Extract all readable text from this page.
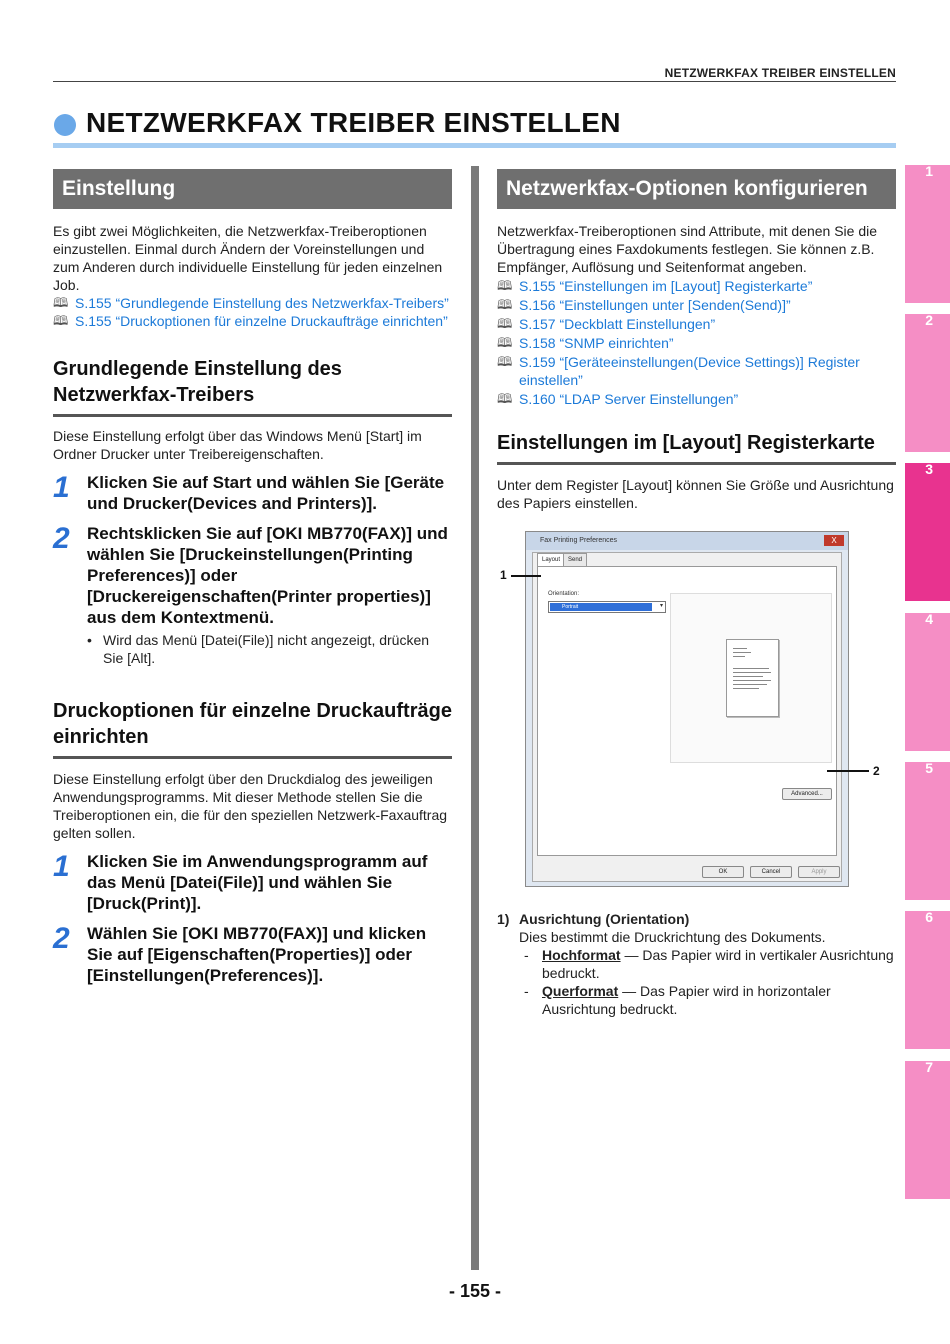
NETZWERKFAX TREIBER EINSTELLEN
NETZWERKFAX TREIBER EINSTELLEN
Einstellung

Es gibt zwei Möglichkeiten, die Netzwerkfax-Treiberoptionen einzustellen. Einmal durch Ändern der Voreinstellungen und zum Anderen durch individuelle Einstellung für jeden einzelnen Job.

🕮 S.155 “Grundlegende Einstellung des Netzwerkfax-Treibers”
🕮 S.155 “Druckoptionen für einzelne Druckaufträge einrichten”
Grundlegende Einstellung des Netzwerkfax-Treibers

Diese Einstellung erfolgt über das Windows Menü [Start] im Ordner Drucker unter Treibereigenschaften.

1	Klicken Sie auf Start und wählen Sie [Geräte und Drucker(Devices and Printers)].
2	Rechtsklicken Sie auf [OKI MB770(FAX)] und wählen Sie [Druckeinstellungen(Printing Preferences)] oder [Druckereigenschaften(Printer properties)] aus dem Kontextmenü.
• Wird das Menü [Datei(File)] nicht angezeigt, drücken Sie [Alt].
Druckoptionen für einzelne Druckaufträge einrichten

Diese Einstellung erfolgt über den Druckdialog des jeweiligen Anwendungsprogramms. Mit dieser Methode stellen Sie die Treiberoptionen ein, die für den speziellen Netzwerk-Faxauftrag gelten sollen.

1	Klicken Sie im Anwendungsprogramm auf das Menü [Datei(File)] und wählen Sie [Druck(Print)].
2	Wählen Sie [OKI MB770(FAX)] und klicken Sie auf [Eigenschaften(Properties)] oder [Einstellungen(Preferences)].
Netzwerkfax-Optionen konfigurieren

Netzwerkfax-Treiberoptionen sind Attribute, mit denen Sie die Übertragung eines Faxdokuments festlegen. Sie können z.B. Empfänger, Auflösung und Seitenformat angeben.

🕮 S.155 “Einstellungen im [Layout] Registerkarte”
🕮 S.156 “Einstellungen unter [Senden(Send)]”
🕮 S.157 “Deckblatt Einstellungen”
🕮 S.158 “SNMP einrichten”
🕮 S.159 “[Geräteeinstellungen(Device Settings)] Register einstellen”
🕮 S.160 “LDAP Server Einstellungen”
Einstellungen im [Layout] Registerkarte

Unter dem Register [Layout] können Sie Größe und Ausrichtung des Papiers einstellen.

Fax Printing Preferences	X
Layout	Send
Orientation:
Portrait	▾
Advanced...
OK	Cancel	Apply
1
2
1) Ausrichtung (Orientation)
Dies bestimmt die Druckrichtung des Dokuments.
- Hochformat — Das Papier wird in vertikaler Ausrichtung bedruckt.
- Querformat — Das Papier wird in horizontaler Ausrichtung bedruckt.
- 155 -
1
2
3
4
5
6
7
